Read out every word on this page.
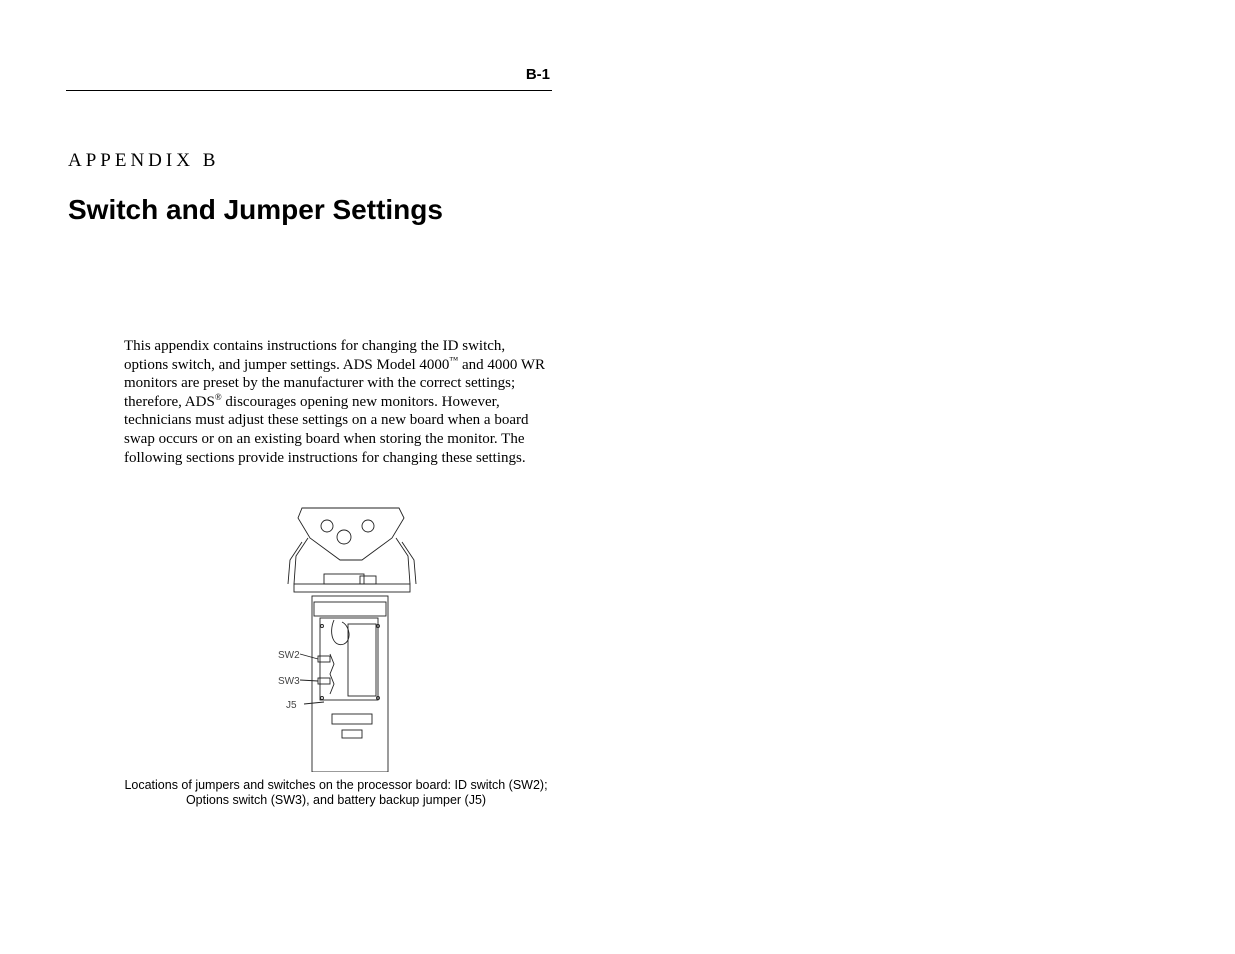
B-1
APPENDIX B
Switch and Jumper Settings

This appendix contains instructions for changing the ID switch, options switch, and jumper settings. ADS Model 4000™ and 4000 WR monitors are preset by the manufacturer with the correct settings; therefore, ADS® discourages opening new monitors. However, technicians must adjust these settings on a new board when a board swap occurs or on an existing board when storing the monitor. The following sections provide instructions for changing these settings.

SW2
SW3
J5

Locations of jumpers and switches on the processor board: ID switch (SW2);
Options switch (SW3), and battery backup jumper (J5)
